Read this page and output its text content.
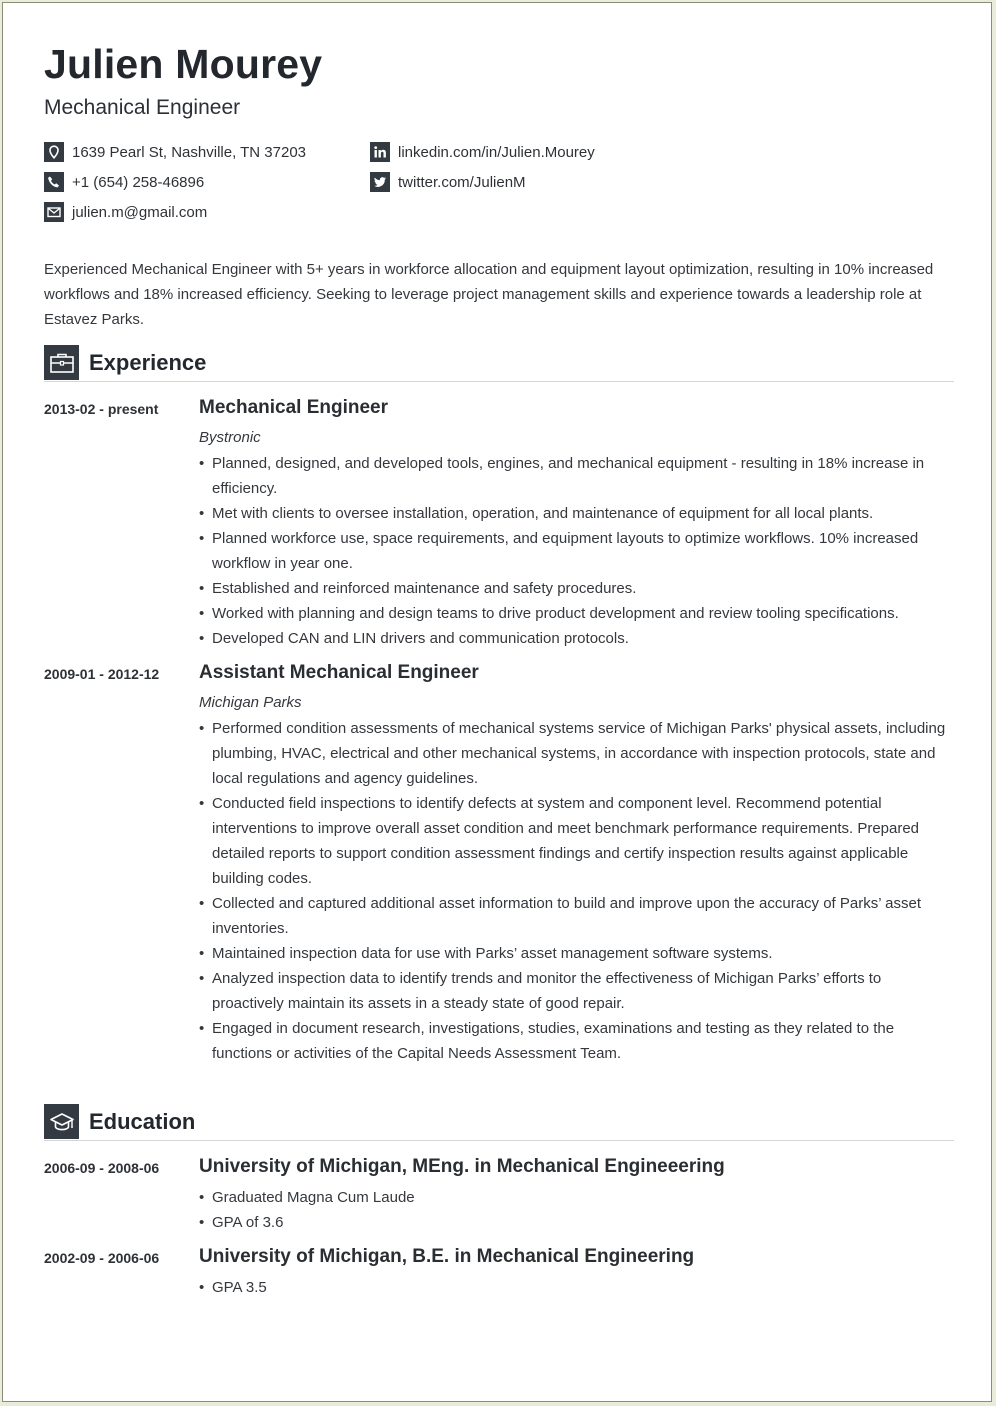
Julien Mourey
Mechanical Engineer
1639 Pearl St, Nashville, TN 37203
+1 (654) 258-46896
julien.m@gmail.com
linkedin.com/in/Julien.Mourey
twitter.com/JulienM

Experienced Mechanical Engineer with 5+ years in workforce allocation and equipment layout optimization, resulting in 10% increased workflows and 18% increased efficiency. Seeking to leverage project management skills and experience towards a leadership role at Estavez Parks.

Experience
2013-02 - present Mechanical Engineer
Bystronic
• Planned, designed, and developed tools, engines, and mechanical equipment - resulting in 18% increase in efficiency.
• Met with clients to oversee installation, operation, and maintenance of equipment for all local plants.
• Planned workforce use, space requirements, and equipment layouts to optimize workflows. 10% increased workflow in year one.
• Established and reinforced maintenance and safety procedures.
• Worked with planning and design teams to drive product development and review tooling specifications.
• Developed CAN and LIN drivers and communication protocols.
2009-01 - 2012-12 Assistant Mechanical Engineer
Michigan Parks
• Performed condition assessments of mechanical systems service of Michigan Parks' physical assets, including plumbing, HVAC, electrical and other mechanical systems, in accordance with inspection protocols, state and local regulations and agency guidelines.
• Conducted field inspections to identify defects at system and component level. Recommend potential interventions to improve overall asset condition and meet benchmark performance requirements. Prepared detailed reports to support condition assessment findings and certify inspection results against applicable building codes.
• Collected and captured additional asset information to build and improve upon the accuracy of Parks’ asset inventories.
• Maintained inspection data for use with Parks’ asset management software systems.
• Analyzed inspection data to identify trends and monitor the effectiveness of Michigan Parks’ efforts to proactively maintain its assets in a steady state of good repair.
• Engaged in document research, investigations, studies, examinations and testing as they related to the functions or activities of the Capital Needs Assessment Team.
Education
2006-09 - 2008-06 University of Michigan, MEng. in Mechanical Engineeering
• Graduated Magna Cum Laude
• GPA of 3.6
2002-09 - 2006-06 University of Michigan, B.E. in Mechanical Engineering
• GPA 3.5
